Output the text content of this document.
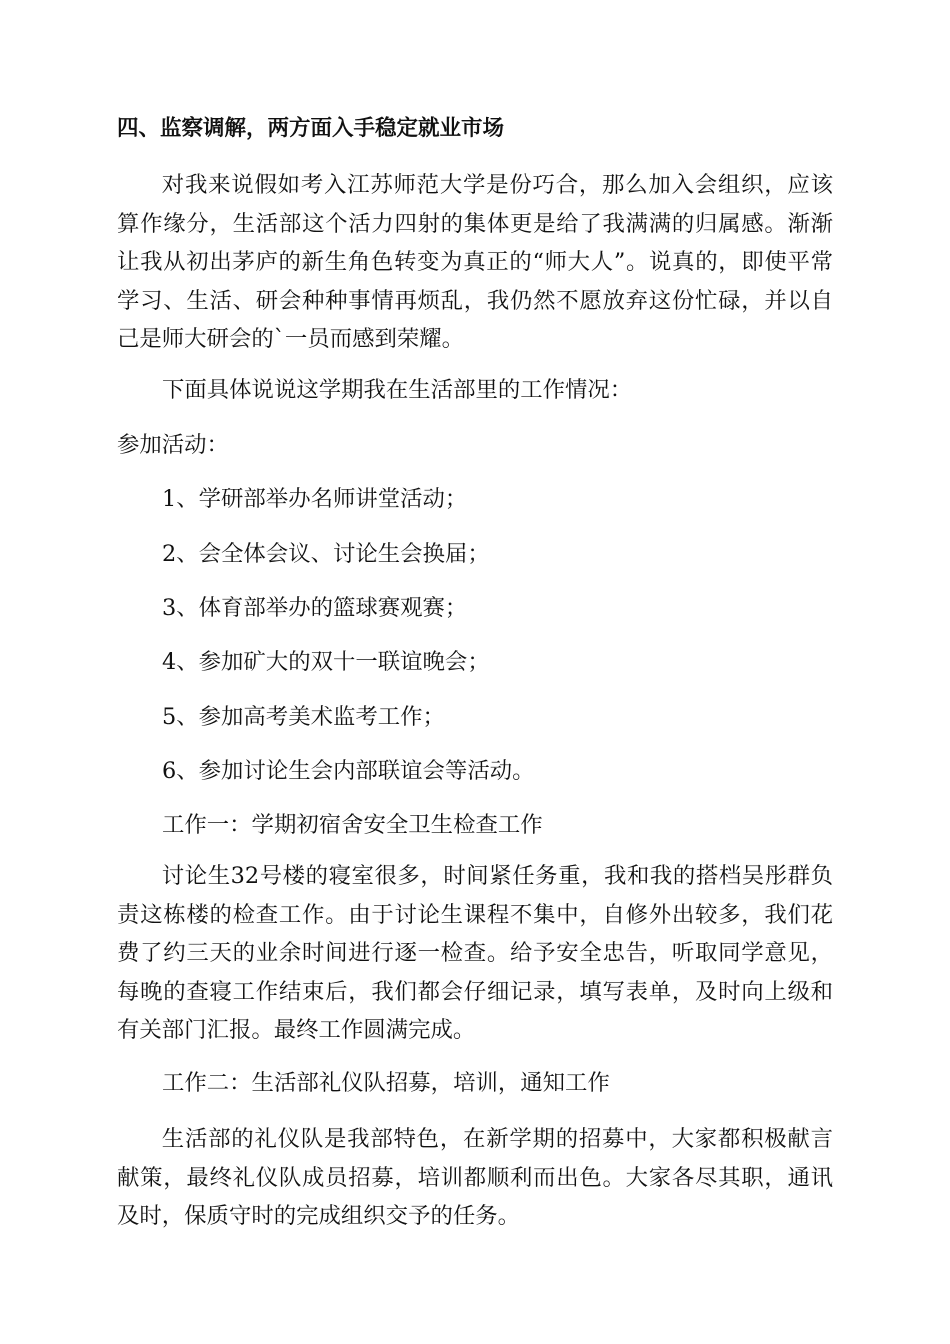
四、监察调解，两方面入手稳定就业市场

对我来说假如考入江苏师范大学是份巧合，那么加入会组织，应该算作缘分，生活部这个活力四射的集体更是给了我满满的归属感。渐渐让我从初出茅庐的新生角色转变为真正的“师大人”。说真的，即使平常学习、生活、研会种种事情再烦乱，我仍然不愿放弃这份忙碌，并以自己是师大研会的`一员而感到荣耀。

下面具体说说这学期我在生活部里的工作情况：
参加活动：
1、学研部举办名师讲堂活动；
2、会全体会议、讨论生会换届；
3、体育部举办的篮球赛观赛；
4、参加矿大的双十一联谊晚会；
5、参加高考美术监考工作；
6、参加讨论生会内部联谊会等活动。
工作一：学期初宿舍安全卫生检查工作

讨论生32号楼的寝室很多，时间紧任务重，我和我的搭档吴彤群负责这栋楼的检查工作。由于讨论生课程不集中，自修外出较多，我们花费了约三天的业余时间进行逐一检查。给予安全忠告，听取同学意见，每晚的查寝工作结束后，我们都会仔细记录，填写表单，及时向上级和有关部门汇报。最终工作圆满完成。

工作二：生活部礼仪队招募，培训，通知工作

生活部的礼仪队是我部特色，在新学期的招募中，大家都积极献言献策，最终礼仪队成员招募，培训都顺利而出色。大家各尽其职，通讯及时，保质守时的完成组织交予的任务。
